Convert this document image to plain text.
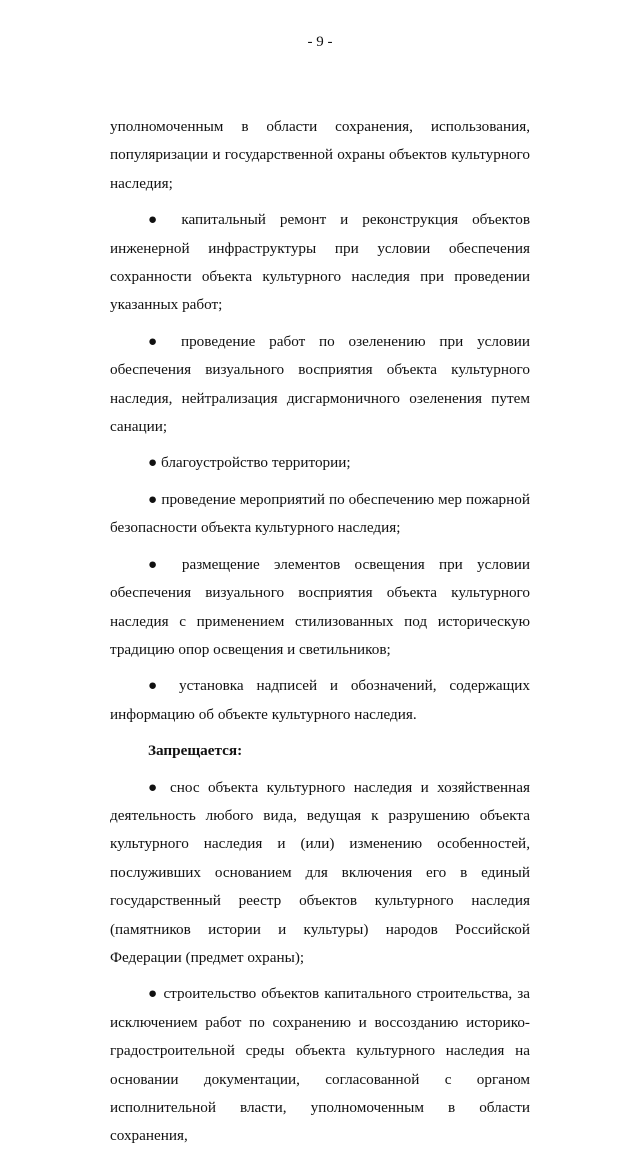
- 9 -

уполномоченным в области сохранения, использования, популяризации и государственной охраны объектов культурного наследия;

● капитальный ремонт и реконструкция объектов инженерной инфраструктуры при условии обеспечения сохранности объекта культурного наследия при проведении указанных работ;

● проведение работ по озеленению при условии обеспечения визуального восприятия объекта культурного наследия, нейтрализация дисгармоничного озеленения путем санации;

● благоустройство территории;

● проведение мероприятий по обеспечению мер пожарной безопасности объекта культурного наследия;

● размещение элементов освещения при условии обеспечения визуального восприятия объекта культурного наследия с применением стилизованных под историческую традицию опор освещения и светильников;

● установка надписей и обозначений, содержащих информацию об объекте культурного наследия.

Запрещается:

● снос объекта культурного наследия и хозяйственная деятельность любого вида, ведущая к разрушению объекта культурного наследия и (или) изменению особенностей, послуживших основанием для включения его в единый государственный реестр объектов культурного наследия (памятников истории и культуры) народов Российской Федерации (предмет охраны);

● строительство объектов капитального строительства, за исключением работ по сохранению и воссозданию историко-градостроительной среды объекта культурного наследия на основании документации, согласованной с органом исполнительной власти, уполномоченным в области сохранения,
